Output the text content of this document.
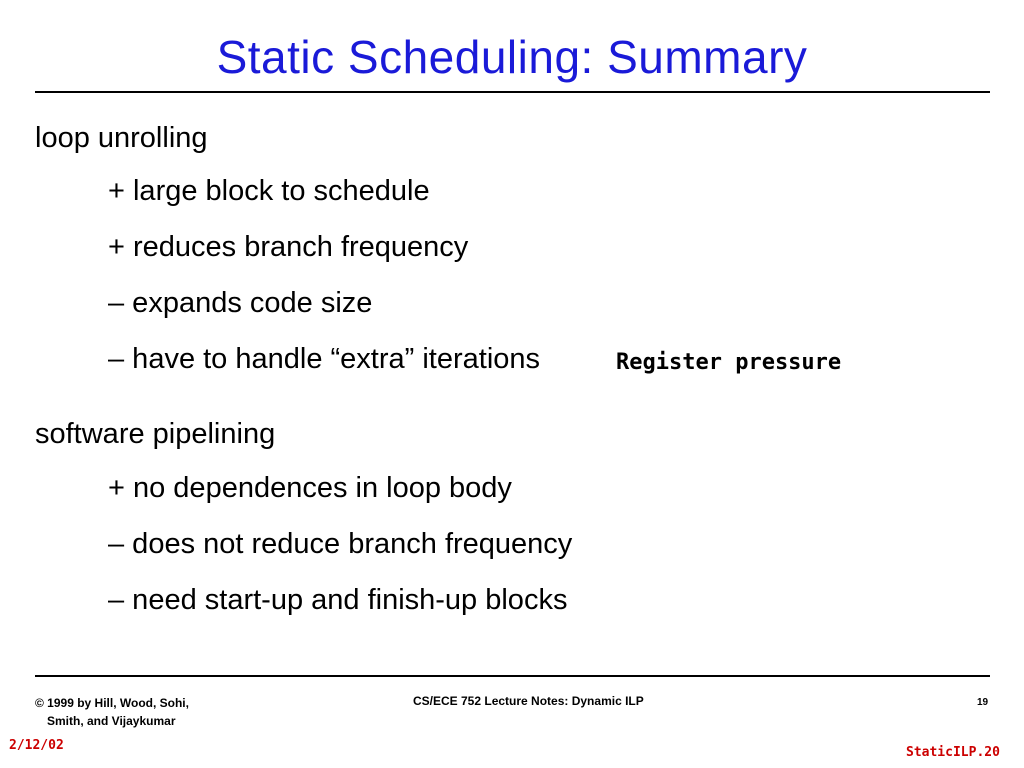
Static Scheduling: Summary
loop unrolling
+ large block to schedule
+ reduces branch frequency
– expands code size
– have to handle “extra” iterations	Register pressure
software pipelining
+ no dependences in loop body
– does not reduce branch frequency
– need start-up and finish-up blocks
© 1999 by Hill, Wood, Sohi,
Smith, and Vijaykumar
CS/ECE 752 Lecture Notes: Dynamic ILP	19
2/12/02	StaticILP.20
